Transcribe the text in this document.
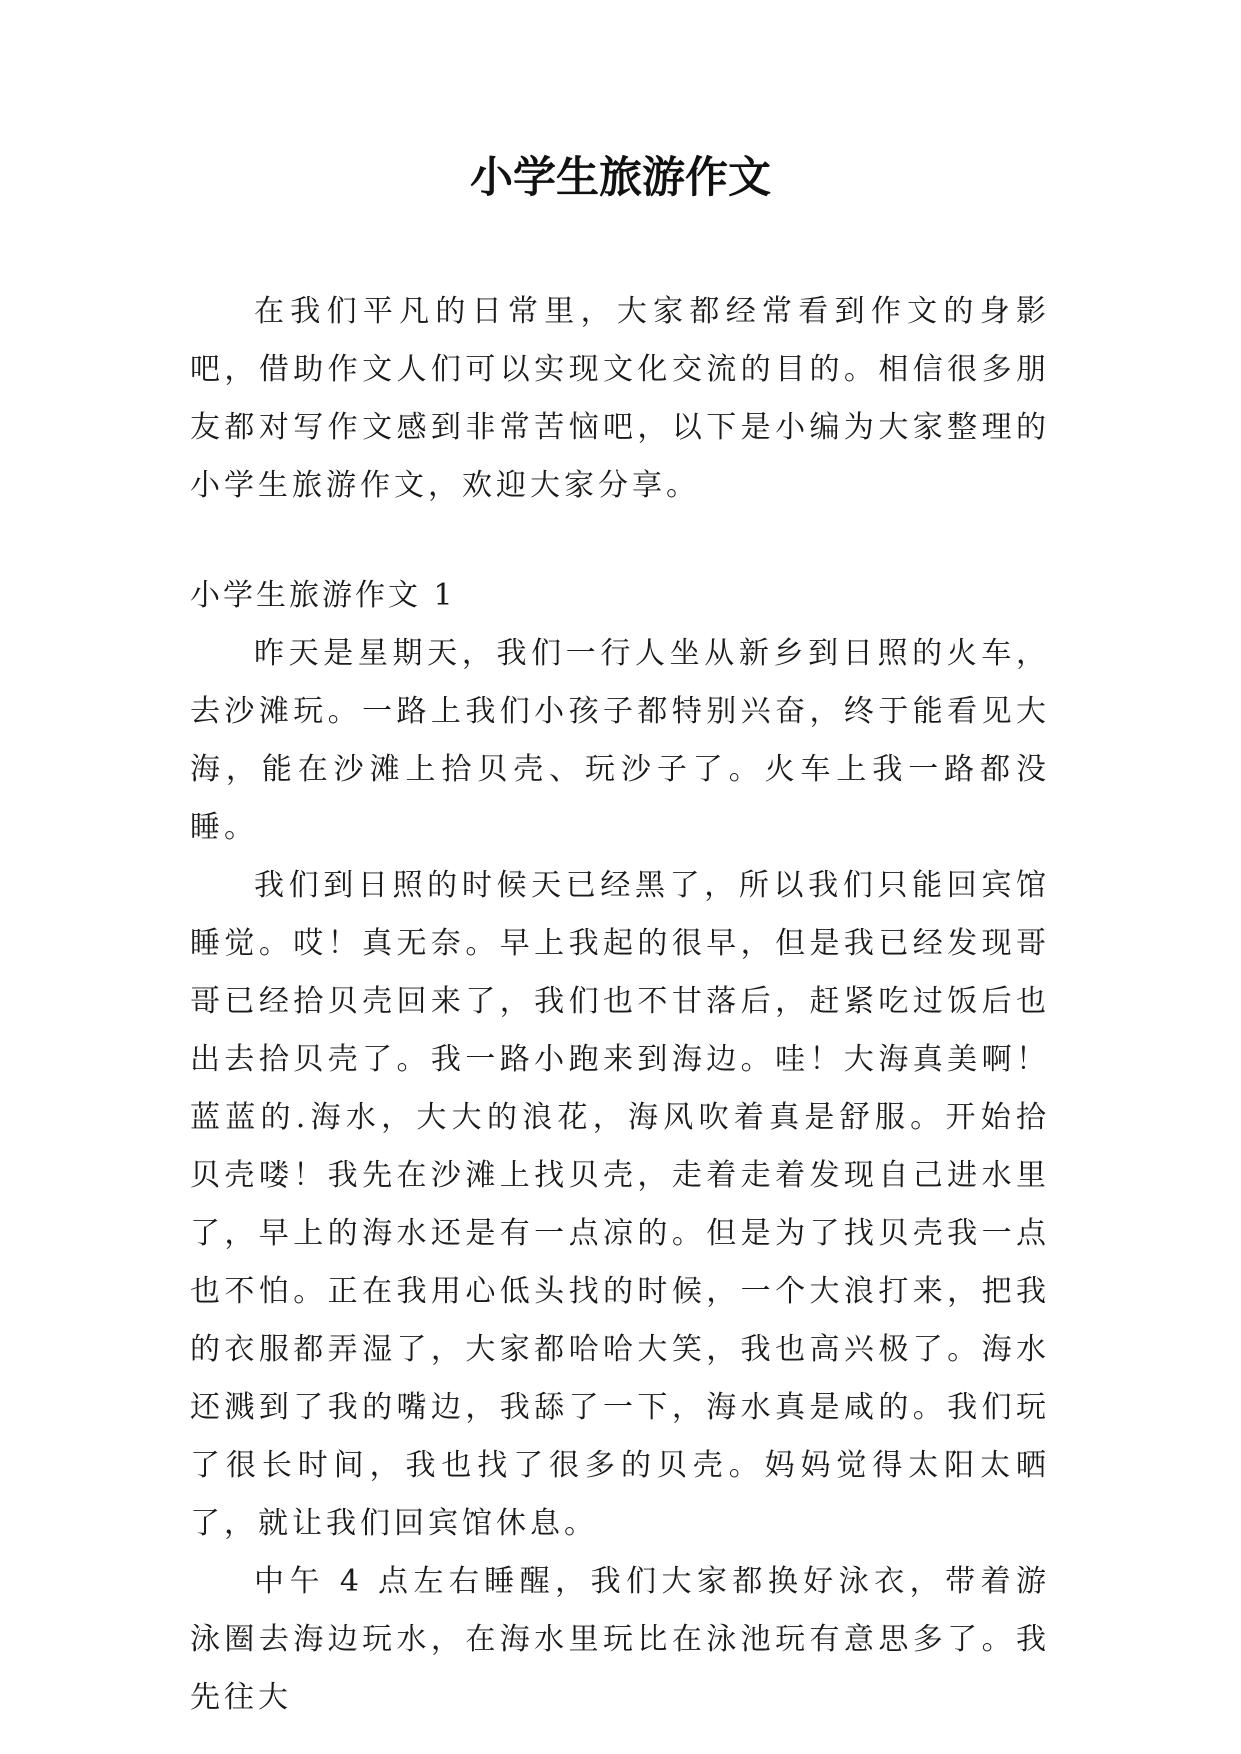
小学生旅游作文

在我们平凡的日常里，大家都经常看到作文的身影吧，借助作文人们可以实现文化交流的目的。相信很多朋友都对写作文感到非常苦恼吧，以下是小编为大家整理的小学生旅游作文，欢迎大家分享。

小学生旅游作文 1

昨天是星期天，我们一行人坐从新乡到日照的火车，去沙滩玩。一路上我们小孩子都特别兴奋，终于能看见大海，能在沙滩上拾贝壳、玩沙子了。火车上我一路都没睡。

我们到日照的时候天已经黑了，所以我们只能回宾馆睡觉。哎！真无奈。早上我起的很早，但是我已经发现哥哥已经拾贝壳回来了，我们也不甘落后，赶紧吃过饭后也出去拾贝壳了。我一路小跑来到海边。哇！大海真美啊！蓝蓝的.海水，大大的浪花，海风吹着真是舒服。开始拾贝壳喽！我先在沙滩上找贝壳，走着走着发现自己进水里了，早上的海水还是有一点凉的。但是为了找贝壳我一点也不怕。正在我用心低头找的时候，一个大浪打来，把我的衣服都弄湿了，大家都哈哈大笑，我也高兴极了。海水还溅到了我的嘴边，我舔了一下，海水真是咸的。我们玩了很长时间，我也找了很多的贝壳。妈妈觉得太阳太晒了，就让我们回宾馆休息。

中午 4 点左右睡醒，我们大家都换好泳衣，带着游泳圈去海边玩水，在海水里玩比在泳池玩有意思多了。我先往大
